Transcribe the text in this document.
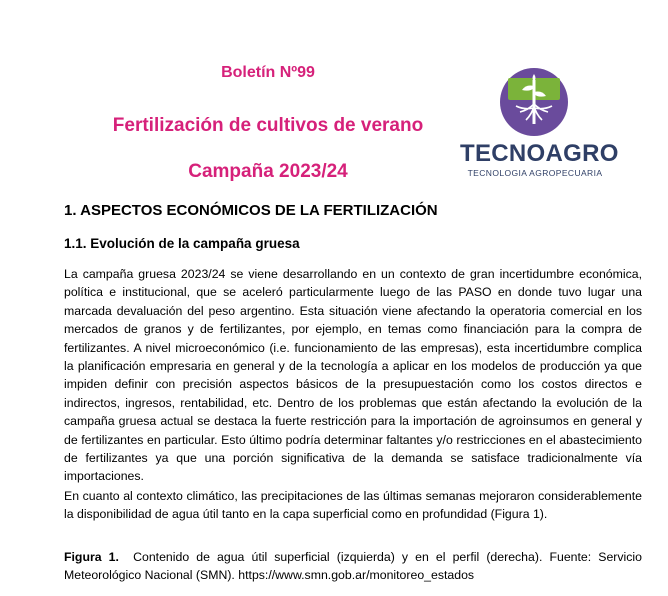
Boletín Nº99
Fertilización de cultivos de verano
Campaña 2023/24
TECNOAGRO
TECNOLOGIA AGROPECUARIA
1. ASPECTOS ECONÓMICOS DE LA FERTILIZACIÓN
1.1. Evolución de la campaña gruesa

La campaña gruesa 2023/24 se viene desarrollando en un contexto de gran incertidumbre económica, política e institucional, que se aceleró particularmente luego de las PASO en donde tuvo lugar una marcada devaluación del peso argentino. Esta situación viene afectando la operatoria comercial en los mercados de granos y de fertilizantes, por ejemplo, en temas como financiación para la compra de fertilizantes. A nivel microeconómico (i.e. funcionamiento de las empresas), esta incertidumbre complica la planificación empresaria en general y de la tecnología a aplicar en los modelos de producción ya que impiden definir con precisión aspectos básicos de la presupuestación como los costos directos e indirectos, ingresos, rentabilidad, etc. Dentro de los problemas que están afectando la evolución de la campaña gruesa actual se destaca la fuerte restricción para la importación de agroinsumos en general y de fertilizantes en particular. Esto último podría determinar faltantes y/o restricciones en el abastecimiento de fertilizantes ya que una porción significativa de la demanda se satisface tradicionalmente vía importaciones.

En cuanto al contexto climático, las precipitaciones de las últimas semanas mejoraron considerablemente la disponibilidad de agua útil tanto en la capa superficial como en profundidad (Figura 1).

Figura 1. Contenido de agua útil superficial (izquierda) y en el perfil (derecha). Fuente: Servicio Meteorológico Nacional (SMN). https://www.smn.gob.ar/monitoreo_estados
